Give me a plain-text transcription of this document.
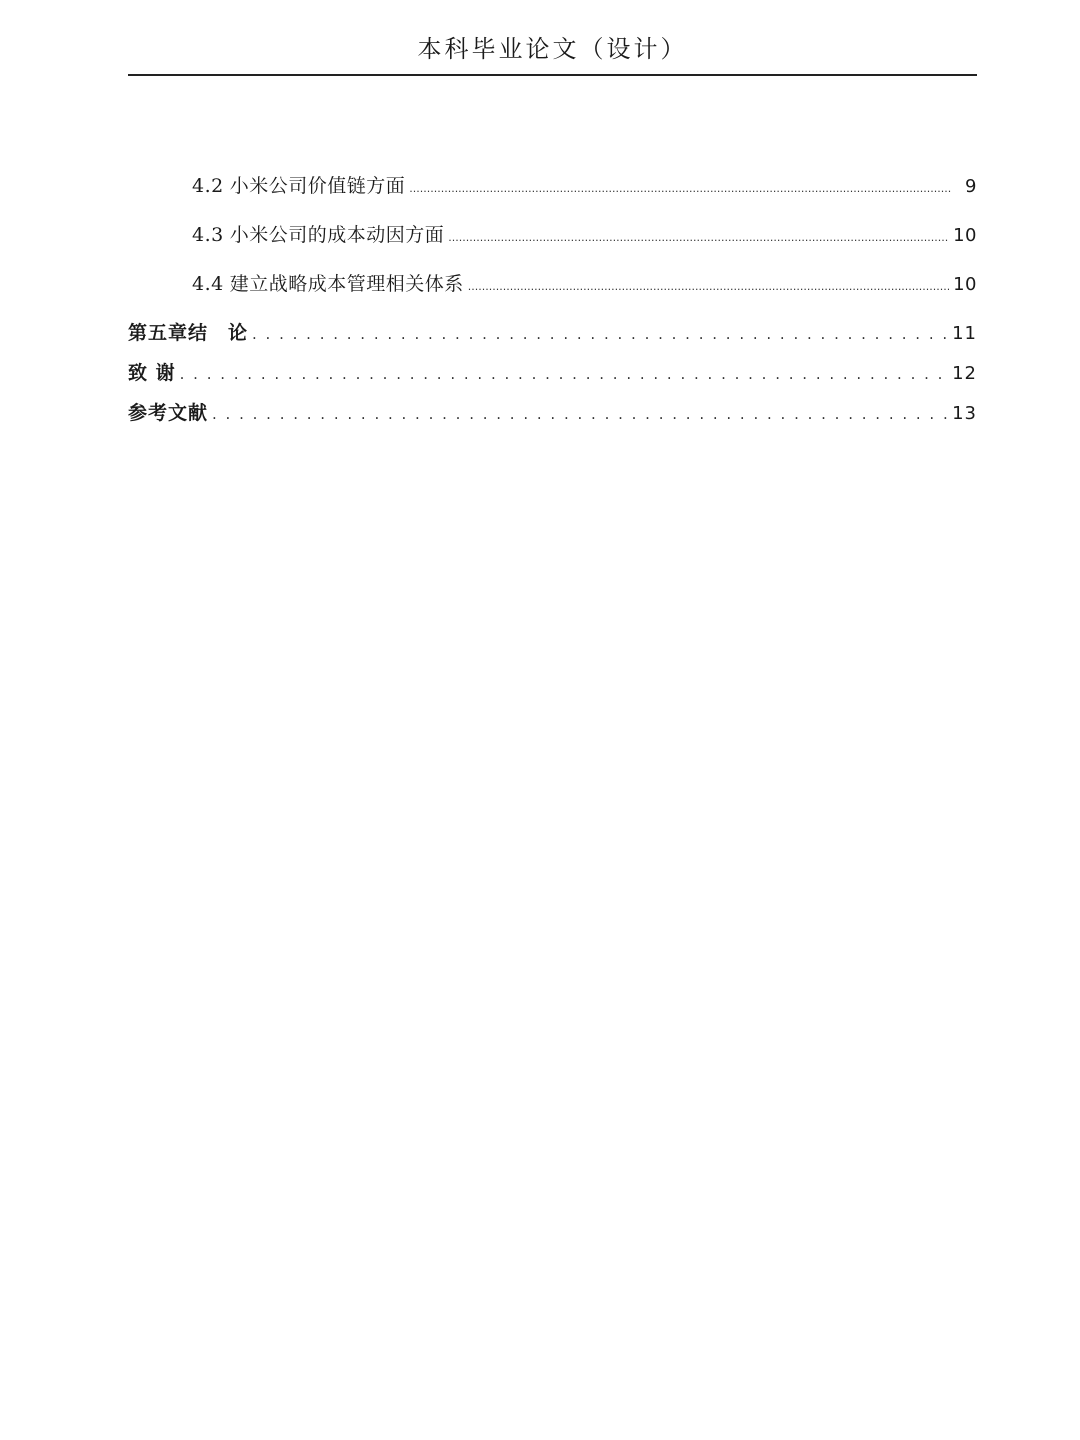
本科毕业论文（设计）
4.2 小米公司价值链方面 .....	9
4.3 小米公司的成本动因方面 .....	10
4.4 建立战略成本管理相关体系 .....	10
第五章结　论 . . .	11
致 谢 . . .	12
参考文献 . . .	13
